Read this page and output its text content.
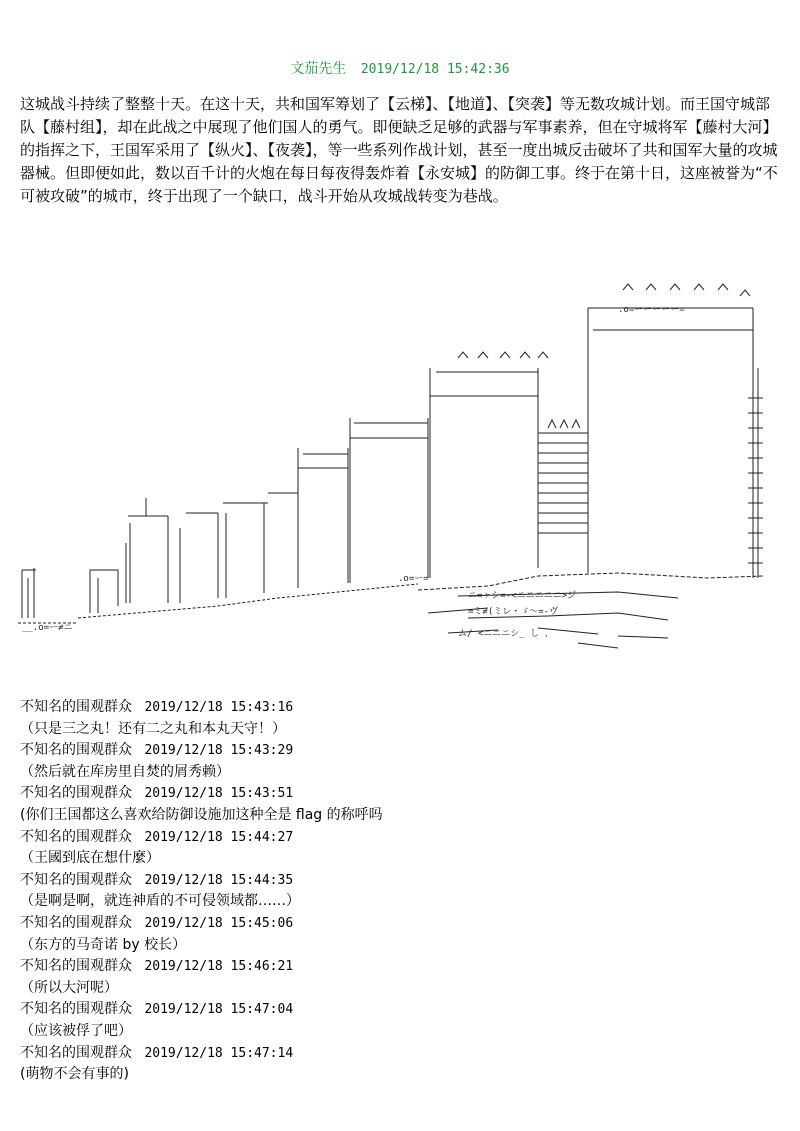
文茄先生 2019/12/18 15:42:36
这城战斗持续了整整十天。在这十天，共和国军筹划了【云梯】、【地道】、【突袭】等无数攻城计划。而王国守城部队【藤村组】，却在此战之中展现了他们国人的勇气。即便缺乏足够的武器与军事素养，但在守城将军【藤村大河】的指挥之下，王国军采用了【纵火】、【夜袭】，等一些系列作战计划，甚至一度出城反击破坏了共和国军大量的攻城器械。但即便如此，数以百千计的火炮在每日每夜得轰炸着【永安城】的防御工事。终于在第十日，这座被誉为“不可被攻破”的城市，终于出现了一个缺口，战斗开始从攻城战转变为巷战。
.o=ーーーーー=
__.o=ー≠ニ
.o=ー=
ニ=ヶシ=-<ニニニニニ>ジ
=ミ≠(ミレ・ゞ〜=-ヴ
ム/ <ニニニシ_ し 、
不知名的围观群众 2019/12/18 15:43:16
（只是三之丸！还有二之丸和本丸天守！）
不知名的围观群众 2019/12/18 15:43:29
（然后就在库房里自焚的屑秀赖）
不知名的围观群众 2019/12/18 15:43:51
(你们王国都这么喜欢给防御设施加这种全是 flag 的称呼吗
不知名的围观群众 2019/12/18 15:44:27
（王國到底在想什麼）
不知名的围观群众 2019/12/18 15:44:35
（是啊是啊，就连神盾的不可侵领域都……）
不知名的围观群众 2019/12/18 15:45:06
（东方的马奇诺 by 校长）
不知名的围观群众 2019/12/18 15:46:21
（所以大河呢）
不知名的围观群众 2019/12/18 15:47:04
（应该被俘了吧）
不知名的围观群众 2019/12/18 15:47:14
(萌物不会有事的)
